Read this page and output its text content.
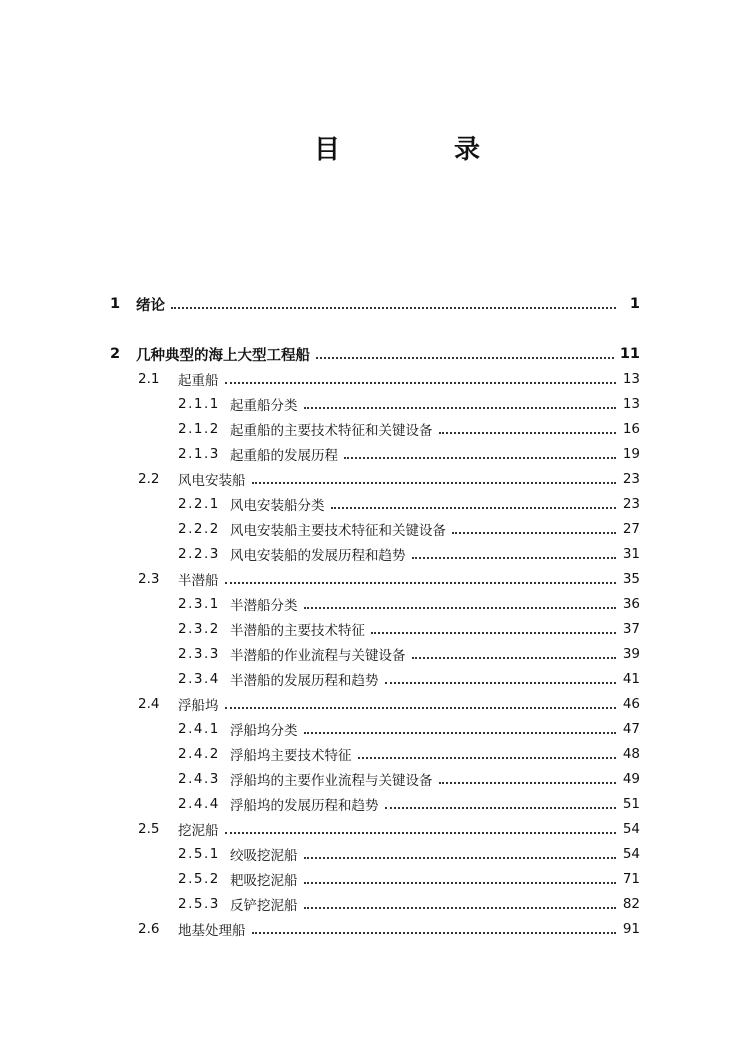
目　录
1	绪论	1
2	几种典型的海上大型工程船	11
2.1	起重船	13
2.1.1 起重船分类	13
2.1.2 起重船的主要技术特征和关键设备	16
2.1.3 起重船的发展历程	19
2.2	风电安装船	23
2.2.1 风电安装船分类	23
2.2.2 风电安装船主要技术特征和关键设备	27
2.2.3 风电安装船的发展历程和趋势	31
2.3	半潜船	35
2.3.1 半潜船分类	36
2.3.2 半潜船的主要技术特征	37
2.3.3 半潜船的作业流程与关键设备	39
2.3.4 半潜船的发展历程和趋势	41
2.4	浮船坞	46
2.4.1 浮船坞分类	47
2.4.2 浮船坞主要技术特征	48
2.4.3 浮船坞的主要作业流程与关键设备	49
2.4.4 浮船坞的发展历程和趋势	51
2.5	挖泥船	54
2.5.1 绞吸挖泥船	54
2.5.2 耙吸挖泥船	71
2.5.3 反铲挖泥船	82
2.6	地基处理船	91
